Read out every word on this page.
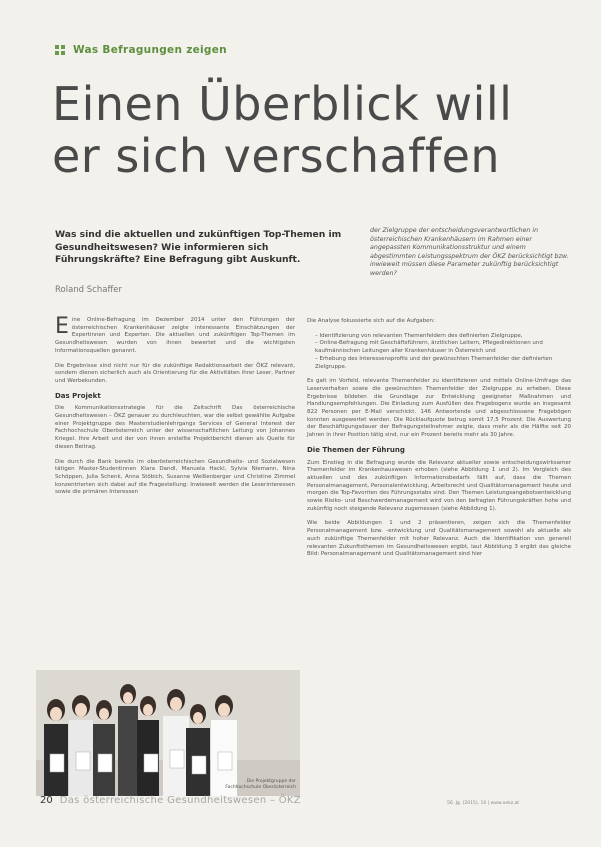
Was Befragungen zeigen
Einen Überblick will
er sich verschaffen
Was sind die aktuellen und zukünftigen Top-Themen im Gesundheitswesen? Wie informieren sich Führungskräfte? Eine Befragung gibt Auskunft.
Roland Schaffer
der Zielgruppe der entscheidungsverantwortlichen in österreichischen Krankenhäusern im Rahmen einer angepassten Kommunikationsstruktur und einem abgestimmten Leistungsspektrum der ÖKZ berücksichtigt bzw. inwieweit müssen diese Parameter zukünftig berücksichtigt werden?

Eine Online-Befragung im Dezember 2014 unter den Führungen der österreichischen Krankenhäuser zeigte interessante Einschätzungen der Expertinnen und Experten. Die aktuellen und zukünftigen Top-Themen im Gesundheitswesen wurden von ihnen bewertet und die wichtigsten Informationsquellen genannt.

Die Ergebnisse sind nicht nur für die zukünftige Redaktionsarbeit der ÖKZ relevant, sondern dienen sicherlich auch als Orientierung für die Aktivitäten ihrer Leser, Partner und Werbekunden.

Das Projekt

Die Kommunikationsstrategie für die Zeitschrift Das österreichische Gesundheitswesen – ÖKZ genauer zu durchleuchten, war die selbst gewählte Aufgabe einer Projektgruppe des Masterstudienlehrgangs Services of General Interest der Fachhochschule Oberösterreich unter der wissenschaftlichen Leitung von Johannes Kriegel. Ihre Arbeit und der von ihnen erstellte Projektbericht dienen als Quelle für diesen Beitrag.

Die durch die Bank bereits im oberösterreichischen Gesundheits- und Sozialwesen tätigen Master-Studentinnen Klara Dandl, Manuela Hackl, Sylvia Niemann, Nina Schöppen, Julia Schenk, Anna Stöbich, Susanne Weißenberger und Christine Zimmel konzentrierten sich dabei auf die Fragestellung: Inwieweit werden die Leserinteressen sowie die primären Interessen

Die Projektgruppe der Fachhochschule Oberösterreich

Die Analyse fokussierte sich auf die Aufgaben:

– Identifizierung von relevanten Themenfeldern des definierten Zielgruppe,
– Online-Befragung mit Geschäftsführern, ärztlichen Leitern, Pflegedirektionen und kaufmännischen Leitungen aller Krankenhäuser in Österreich und
– Erhebung des Interessensprofils und der gewünschten Themenfelder der definierten Zielgruppe.

Es galt im Vorfeld, relevante Themenfelder zu identifizieren und mittels Online-Umfrage das Leserverhalten sowie die gewünschten Themenfelder der Zielgruppe zu erheben. Diese Ergebnisse bildeten die Grundlage zur Entwicklung geeigneter Maßnahmen und Handlungsempfehlungen. Die Einladung zum Ausfüllen des Fragebogens wurde an insgesamt 822 Personen per E-Mail verschickt. 146 Antwortende und abgeschlossene Fragebögen konnten ausgewertet werden. Die Rücklaufquote betrug somit 17,5 Prozent. Die Auswertung der Beschäftigungsdauer der Befragungsteilnehmer zeigte, dass mehr als die Hälfte seit 20 Jahren in ihrer Position tätig sind, nur ein Prozent bereits mehr als 30 Jahre.

Die Themen der Führung

Zum Einstieg in die Befragung wurde die Relevanz aktueller sowie entscheidungswirksamer Themenfelder im Krankenhauswesen erhoben (siehe Abbildung 1 und 2). Im Vergleich des aktuellen und des zukünftigen Informationsbedarfs fällt auf, dass die Themen Personalmanagement, Personalentwicklung, Arbeitsrecht und Qualitätsmanagement heute und morgen die Top-Favoriten des Führungsstabs sind. Den Themen Leistungsangebotsentwicklung sowie Risiko- und Beschwerdemanagement wird von den befragten Führungskräften hohe und zukünftig noch steigende Relevanz zugemessen (siehe Abbildung 1).

Wie beide Abbildungen 1 und 2 präsentieren, zeigen sich die Themenfelder Personalmanagement bzw. -entwicklung und Qualitätsmanagement sowohl als aktuelle als auch zukünftige Themenfelder mit hoher Relevanz. Auch die Identifikation von generell relevanten Zukunftsthemen im Gesundheitswesen ergibt, laut Abbildung 3 ergibt das gleiche Bild: Personalmanagement und Qualitätsmanagement sind hier

20 Das österreichische Gesundheitswesen – ÖKZ	56. Jg. (2015), 10 | www.oekz.at
